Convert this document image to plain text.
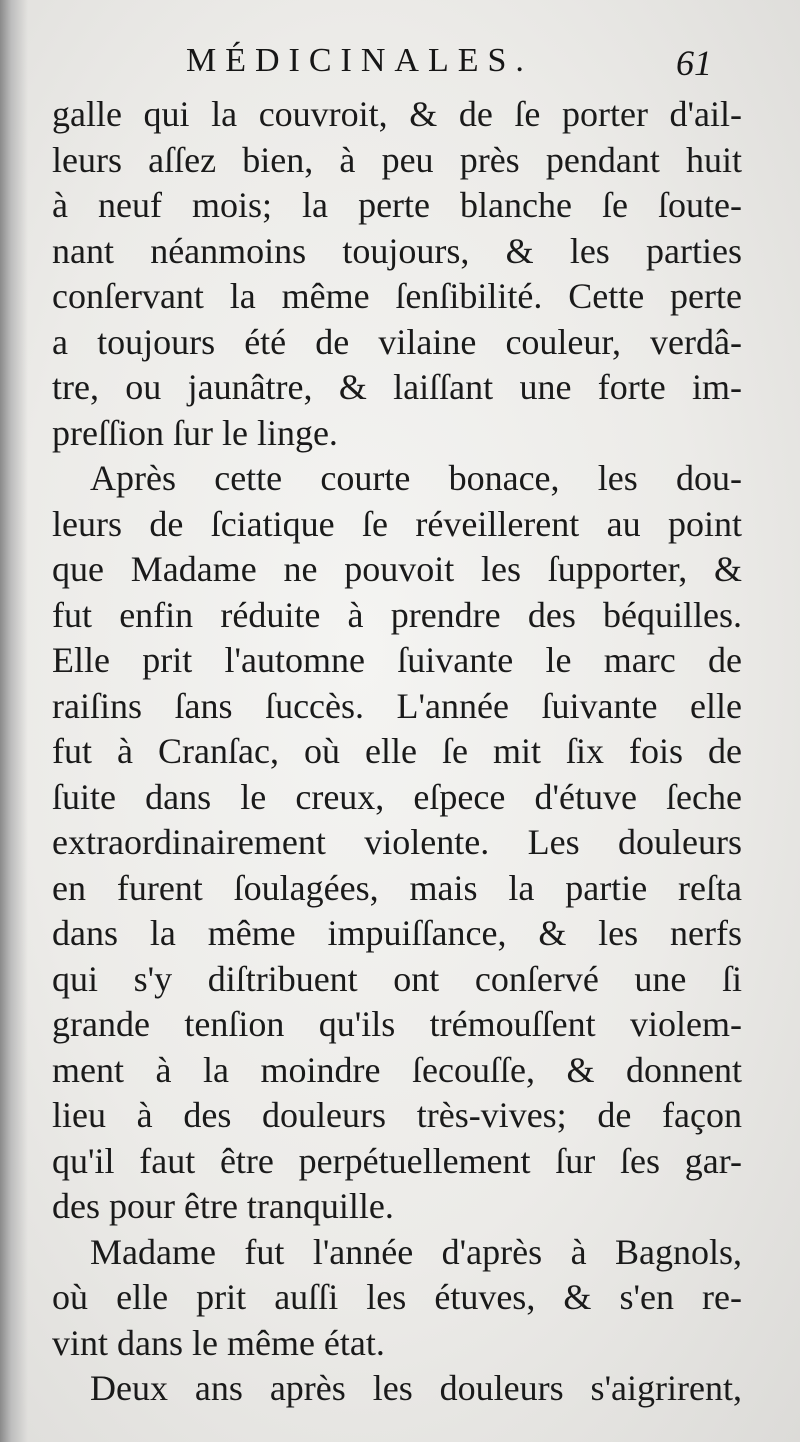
MÉDICINALES.	61
galle qui la couvroit, & de ſe porter d'ail-
leurs aſſez bien, à peu près pendant huit
à neuf mois; la perte blanche ſe ſoute-
nant néanmoins toujours, & les parties
conſervant la même ſenſibilité. Cette perte
a toujours été de vilaine couleur, verdâ-
tre, ou jaunâtre, & laiſſant une forte im-
preſſion ſur le linge.
Après cette courte bonace, les dou-
leurs de ſciatique ſe réveillerent au point
que Madame ne pouvoit les ſupporter, &
fut enfin réduite à prendre des béquilles.
Elle prit l'automne ſuivante le marc de
raiſins ſans ſuccès. L'année ſuivante elle
fut à Cranſac, où elle ſe mit ſix fois de
ſuite dans le creux, eſpece d'étuve ſeche
extraordinairement violente. Les douleurs
en furent ſoulagées, mais la partie reſta
dans la même impuiſſance, & les nerfs
qui s'y diſtribuent ont conſervé une ſi
grande tenſion qu'ils trémouſſent violem-
ment à la moindre ſecouſſe, & donnent
lieu à des douleurs très-vives; de façon
qu'il faut être perpétuellement ſur ſes gar-
des pour être tranquille.
Madame fut l'année d'après à Bagnols,
où elle prit auſſi les étuves, & s'en re-
vint dans le même état.
Deux ans après les douleurs s'aigrirent,
